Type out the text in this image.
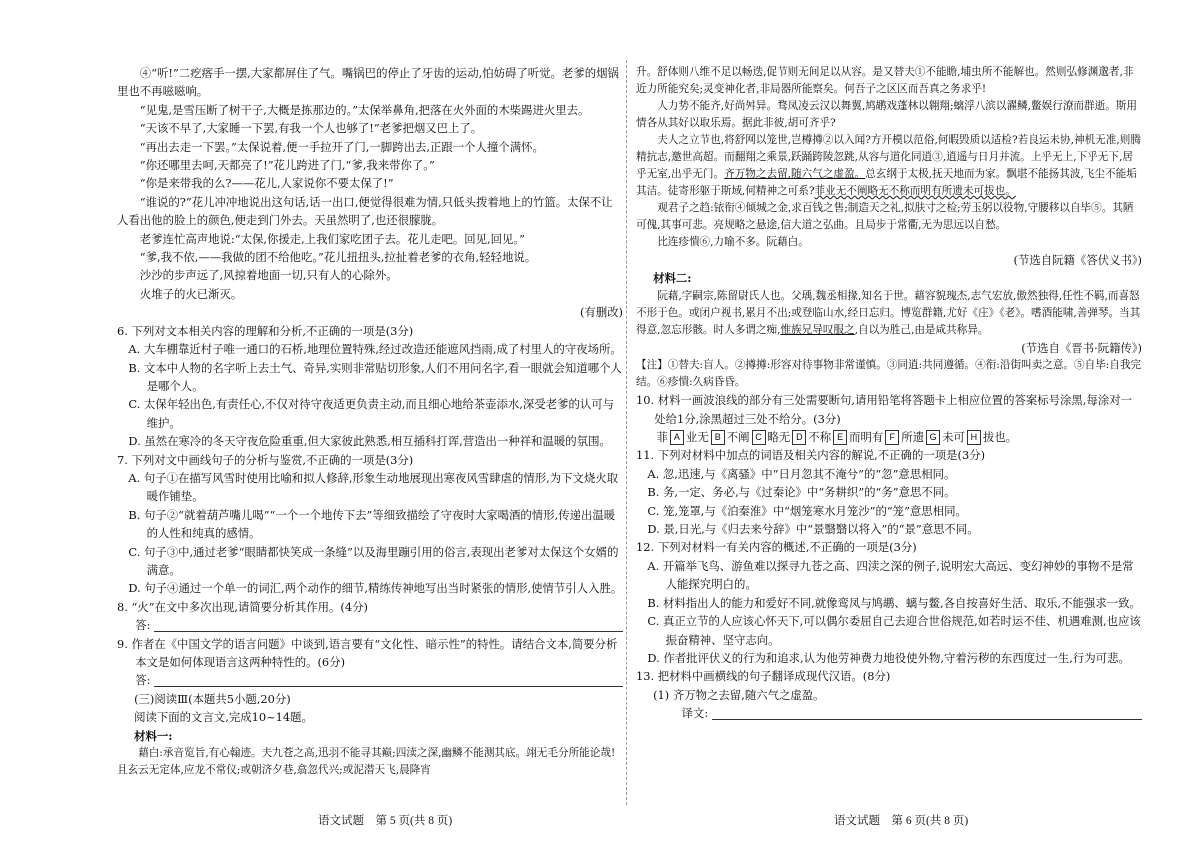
④“听!”二疙瘩手一摆,大家都屏住了气。嘴锅巴的停止了牙齿的运动,怕妨碍了听觉。老爹的烟锅里也不再嗞嗞响。

“见鬼,是雪压断了树干子,大概是拣那边的。”太保举鼻角,把落在火外面的木柴踢进火里去。

“天该不早了,大家睡一下罢,有我一个人也够了!”老爹把烟又巴上了。

“再出去走一下罢。”太保说着,便一手拉开了门,一脚跨出去,正跟一个人撞个满怀。

“你还哪里去呵,天都亮了!”花儿跨进了门,“爹,我来带你了。”

“你是来带我的么?——花儿,人家说你不要太保了!”

“谁说的?”花儿冲冲地说出这句话,话一出口,便觉得很难为情,只低头拨着地上的竹篮。太保不让人看出他的脸上的颜色,便走到门外去。天虽然明了,也还很朦胧。

老爹连忙高声地说:“太保,你援走,上我们家吃团子去。花儿走吧。回见,回见。”

“爹,我不依,——我做的团不给他吃。”花儿扭扭头,拉扯着老爹的衣角,轻轻地说。

沙沙的步声远了,风掠着地面一切,只有人的心除外。

火堆子的火已渐灭。

(有删改)

6. 下列对文本相关内容的理解和分析,不正确的一项是(3分)

A. 大车棚靠近村子唯一通口的石桥,地理位置特殊,经过改造还能遮风挡雨,成了村里人的守夜场所。

B. 文本中人物的名字听上去土气、奇异,实则非常贴切形象,人们不用问名字,看一眼就会知道哪个人是哪个人。

C. 太保年轻出色,有责任心,不仅对待守夜适更负责主动,而且细心地给茶壶添水,深受老爹的认可与维护。

D. 虽然在寒冷的冬天守夜危险重重,但大家彼此熟悉,相互插科打诨,营造出一种祥和温暖的氛围。

7. 下列对文中画线句子的分析与鉴赏,不正确的一项是(3分)

A. 句子①在描写风雪时使用比喻和拟人修辞,形象生动地展现出寒夜风雪肆虐的情形,为下文烧火取暖作铺垫。

B. 句子②“就着葫芦嘴儿喝”“一个一个地传下去”等细致描绘了守夜时大家喝酒的情形,传递出温暖的人性和纯真的感情。

C. 句子③中,通过老爹“眼睛都快笑成一条缝”以及海里蹦引用的俗言,表现出老爹对太保这个女婿的满意。

D. 句子④通过一个单一的词汇,两个动作的细节,精练传神地写出当时紧张的情形,使情节引人入胜。

8. “火”在文中多次出现,请简要分析其作用。(4分)

答:

9. 作者在《中国文学的语言问题》中谈到,语言要有“文化性、暗示性”的特性。请结合文本,简要分析本文是如何体现语言这两种特性的。(6分)

答:

(三)阅读Ⅲ(本题共5小题,20分)

阅读下面的文言文,完成10~14题。

材料一:

藉白:承音览旨,有心翰迹。夫九苍之高,迅羽不能寻其巅;四渎之深,幽鳞不能测其底。翊无毛分所能论哉!且玄云无定体,应龙不常仪;或朝济夕巷,翕忽代兴;或泥潜天飞,晨降宵

升。舒体则八维不足以畅迭,促节则无间足以从容。是又替夫①不能瞻,埔虫所不能解也。然则弘修渊邈者,非近力所能究矣;灵变神化者,非局器所能察矣。何吾子之区区而吾真之务求乎!

人力势不能齐,好尚舛异。骛凤凌云汉以舞翼,鸠鹕戏蓬林以翱翔;螭浮八滨以濯鳞,鳖娱行潦而群逝。斯用情各从其好以取乐焉。据此非彼,胡可齐乎?

夫人之立节也,将舒网以笼世,岂樽撙②以入闻?方开模以范俗,何暇毁质以适检?若良运未协,神机无准,则腾精抗志,邀世高超。而翻翔之乘景,跃踊跨陵忽跳,从容与道化同逍③,逍遥与日月并流。上乎无上,下乎无下,居乎无室,出乎无门。齐万物之去留,随六气之虚盈。总玄纲于太极,抚天地而为家。飘堪不能扬其波,飞尘不能垢其洁。徒寄形躯于斯域,何精神之可系?菲业无不阐略无不称而明有所遗未可拔也。

观君子之趋:铱衔④倾城之金,求百钱之售;制造天之礼,拟肤寸之检;劳玉躬以役物,守腰移以自毕⑤。其陋可傀,其事可悲。亮规略之悬途,信大道之弘曲。且局步于常衢,无为思远以自愁。

比连疹憒⑥,力喻不多。阮藉白。

(节选自阮籍《答伏义书》)

材料二:

阮藉,字嗣宗,陈留尉氏人也。父瑀,魏丞相掾,知名于世。藉容貌瑰杰,志气宏放,傲然独得,任性不羁,而喜怒不形于色。或闭户视书,累月不出;或登临山水,经日忘归。博览群籍,尤好《庄》《老》。嗜酒能啸,善弹琴。当其得意,忽忘形骸。时人多谓之痴,惟族兄导叹服之,自以为胜己,由是咸共称异。

(节选自《晋书·阮籍传》)

【注】①替夫:盲人。②撙撙:形容对待事物非常谨慎。③同逍:共同遵循。④衔:沿街叫卖之意。⑤自毕:自我完结。⑥疹憒:久病昏昏。

10. 材料一画波浪线的部分有三处需要断句,请用铅笔将答题卡上相应位置的答案标号涂黑,每涂对一处给1分,涂黑超过三处不给分。(3分)

菲 A 业无 B 不阐 C 略无 D 不称 E 而明有 F 所遗 G 未可 H 拔也。

11. 下列对材料中加点的词语及相关内容的解说,不正确的一项是(3分)

A. 忽,迅速,与《离骚》中“日月忽其不淹兮”的“忽”意思相同。

B. 务,一定、务必,与《过秦论》中“务耕织”的“务”意思不同。

C. 笼,笼罩,与《泊秦淮》中“烟笼寒水月笼沙”的“笼”意思相同。

D. 景,日光,与《归去来兮辞》中“景翳翳以将入”的“景”意思不同。

12. 下列对材料一有关内容的概述,不正确的一项是(3分)

A. 开篇举飞鸟、游鱼难以探寻九苍之高、四渎之深的例子,说明宏大高远、变幻神妙的事物不是常人能探究明白的。

B. 材料指出人的能力和爱好不同,就像鸾凤与鸠鹕、螭与鳖,各自按喜好生活、取乐,不能强求一致。

C. 真正立节的人应该心怀天下,可以偶尔委屈自己去迎合世俗规范,如若时运不佳、机遇难测,也应该振奋精神、坚守志向。

D. 作者批评伏义的行为和追求,认为他劳神费力地役使外物,守着污秽的东西度过一生,行为可悲。

13. 把材料中画横线的句子翻译成现代汉语。(8分)

(1) 齐万物之去留,随六气之虚盈。

译文:
语文试题　第 5 页(共 8 页)	语文试题　第 6 页(共 8 页)
